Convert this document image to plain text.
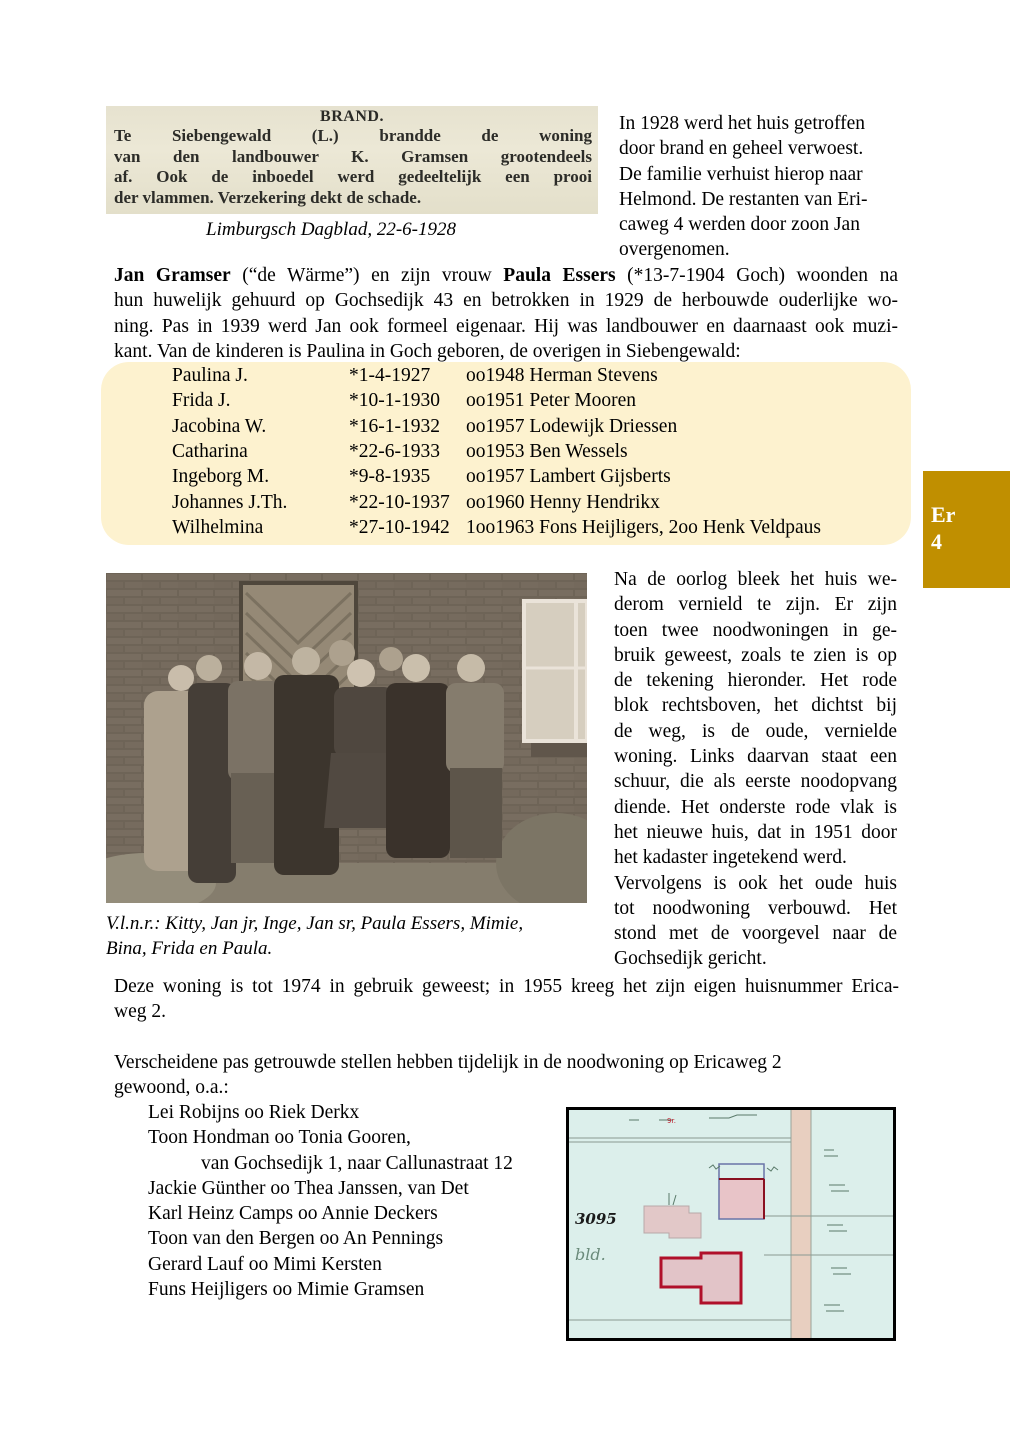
BRAND.
Te Siebengewald (L.) brandde de woning
van den landbouwer K. Gramsen grootendeels
af. Ook de inboedel werd gedeeltelijk een prooi
der vlammen. Verzekering dekt de schade.
Limburgsch Dagblad, 22-6-1928
In 1928 werd het huis getroffen
door brand en geheel verwoest.
De familie verhuist hierop naar
Helmond. De restanten van Eri-
caweg 4 werden door zoon Jan
overgenomen.
Jan Gramser (“de Wärme”) en zijn vrouw Paula Essers (*13-7-1904 Goch) woonden na
hun huwelijk gehuurd op Gochsedijk 43 en betrokken in 1929 de herbouwde ouderlijke wo-
ning. Pas in 1939 werd Jan ook formeel eigenaar. Hij was landbouwer en daarnaast ook muzi-
kant. Van de kinderen is Paulina in Goch geboren, de overigen in Siebengewald:
Paulina J.	*1-4-1927 oo1948 Herman Stevens
Frida J.	*10-1-1930 oo1951 Peter Mooren
Jacobina W.	*16-1-1932 oo1957 Lodewijk Driessen
Catharina	*22-6-1933 oo1953 Ben Wessels
Ingeborg M.	*9-8-1935 oo1957 Lambert Gijsberts
Johannes J.Th.	*22-10-1937 oo1960 Henny Hendrikx
Wilhelmina	*27-10-1942 1oo1963 Fons Heijligers, 2oo Henk Veldpaus
Er
4
V.l.n.r.: Kitty, Jan jr, Inge, Jan sr, Paula Essers, Mimie,
Bina, Frida en Paula.
Na de oorlog bleek het huis we-
derom vernield te zijn. Er zijn
toen twee noodwoningen in ge-
bruik geweest, zoals te zien is op
de tekening hieronder. Het rode
blok rechtsboven, het dichtst bij
de weg, is de oude, vernielde
woning. Links daarvan staat een
schuur, die als eerste noodopvang
diende. Het onderste rode vlak is
het nieuwe huis, dat in 1951 door
het kadaster ingetekend werd.
Vervolgens is ook het oude huis
tot noodwoning verbouwd. Het
stond met de voorgevel naar de
Gochsedijk gericht.
Deze woning is tot 1974 in gebruik geweest; in 1955 kreeg het zijn eigen huisnummer Erica-
weg 2.
Verscheidene pas getrouwde stellen hebben tijdelijk in de noodwoning op Ericaweg 2
gewoond, o.a.:
Lei Robijns oo Riek Derkx
Toon Hondman oo Tonia Gooren,
van Gochsedijk 1, naar Callunastraat 12
Jackie Günther oo Thea Janssen, van Det
Karl Heinz Camps oo Annie Deckers
Toon van den Bergen oo An Pennings
Gerard Lauf oo Mimi Kersten
Funs Heijligers oo Mimie Gramsen
3095
bld.
9r.
